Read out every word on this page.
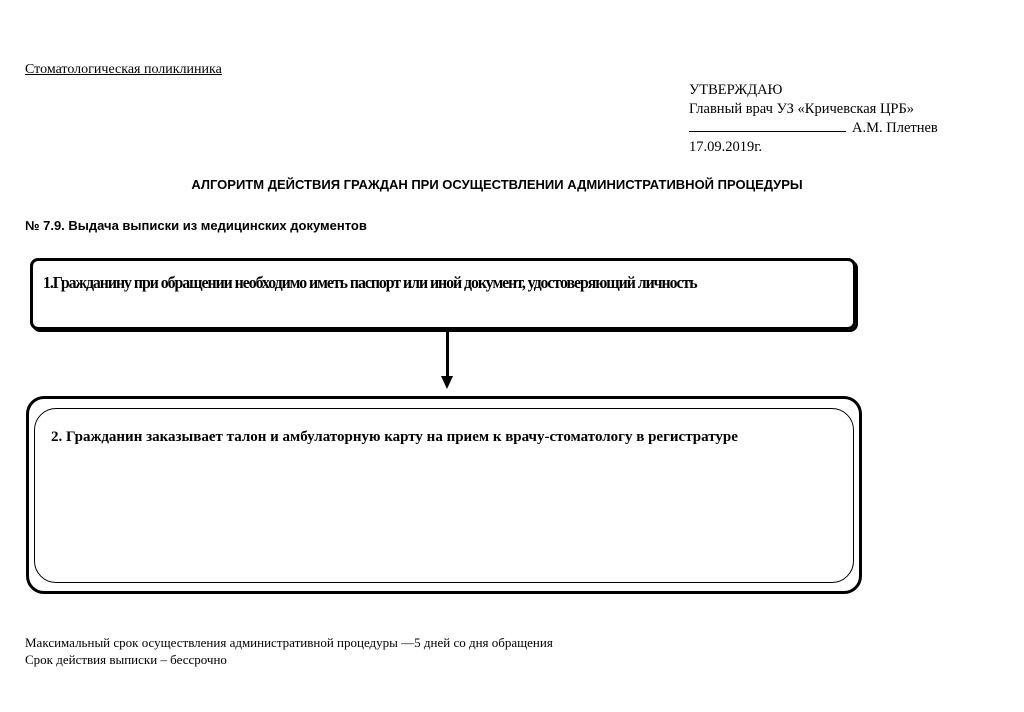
Стоматологическая поликлиника
УТВЕРЖДАЮ
Главный врач УЗ «Кричевская ЦРБ»
А.М. Плетнев
17.09.2019г.
АЛГОРИТМ ДЕЙСТВИЯ ГРАЖДАН ПРИ ОСУЩЕСТВЛЕНИИ АДМИНИСТРАТИВНОЙ ПРОЦЕДУРЫ
№ 7.9. Выдача выписки из медицинских документов
1.Гражданину при обращении необходимо иметь паспорт или иной документ, удостоверяющий личность
2. Гражданин заказывает талон и амбулаторную карту на прием к врачу-стоматологу в регистратуре
Максимальный срок осуществления административной процедуры —5 дней со дня обращения
Срок действия выписки – бессрочно
